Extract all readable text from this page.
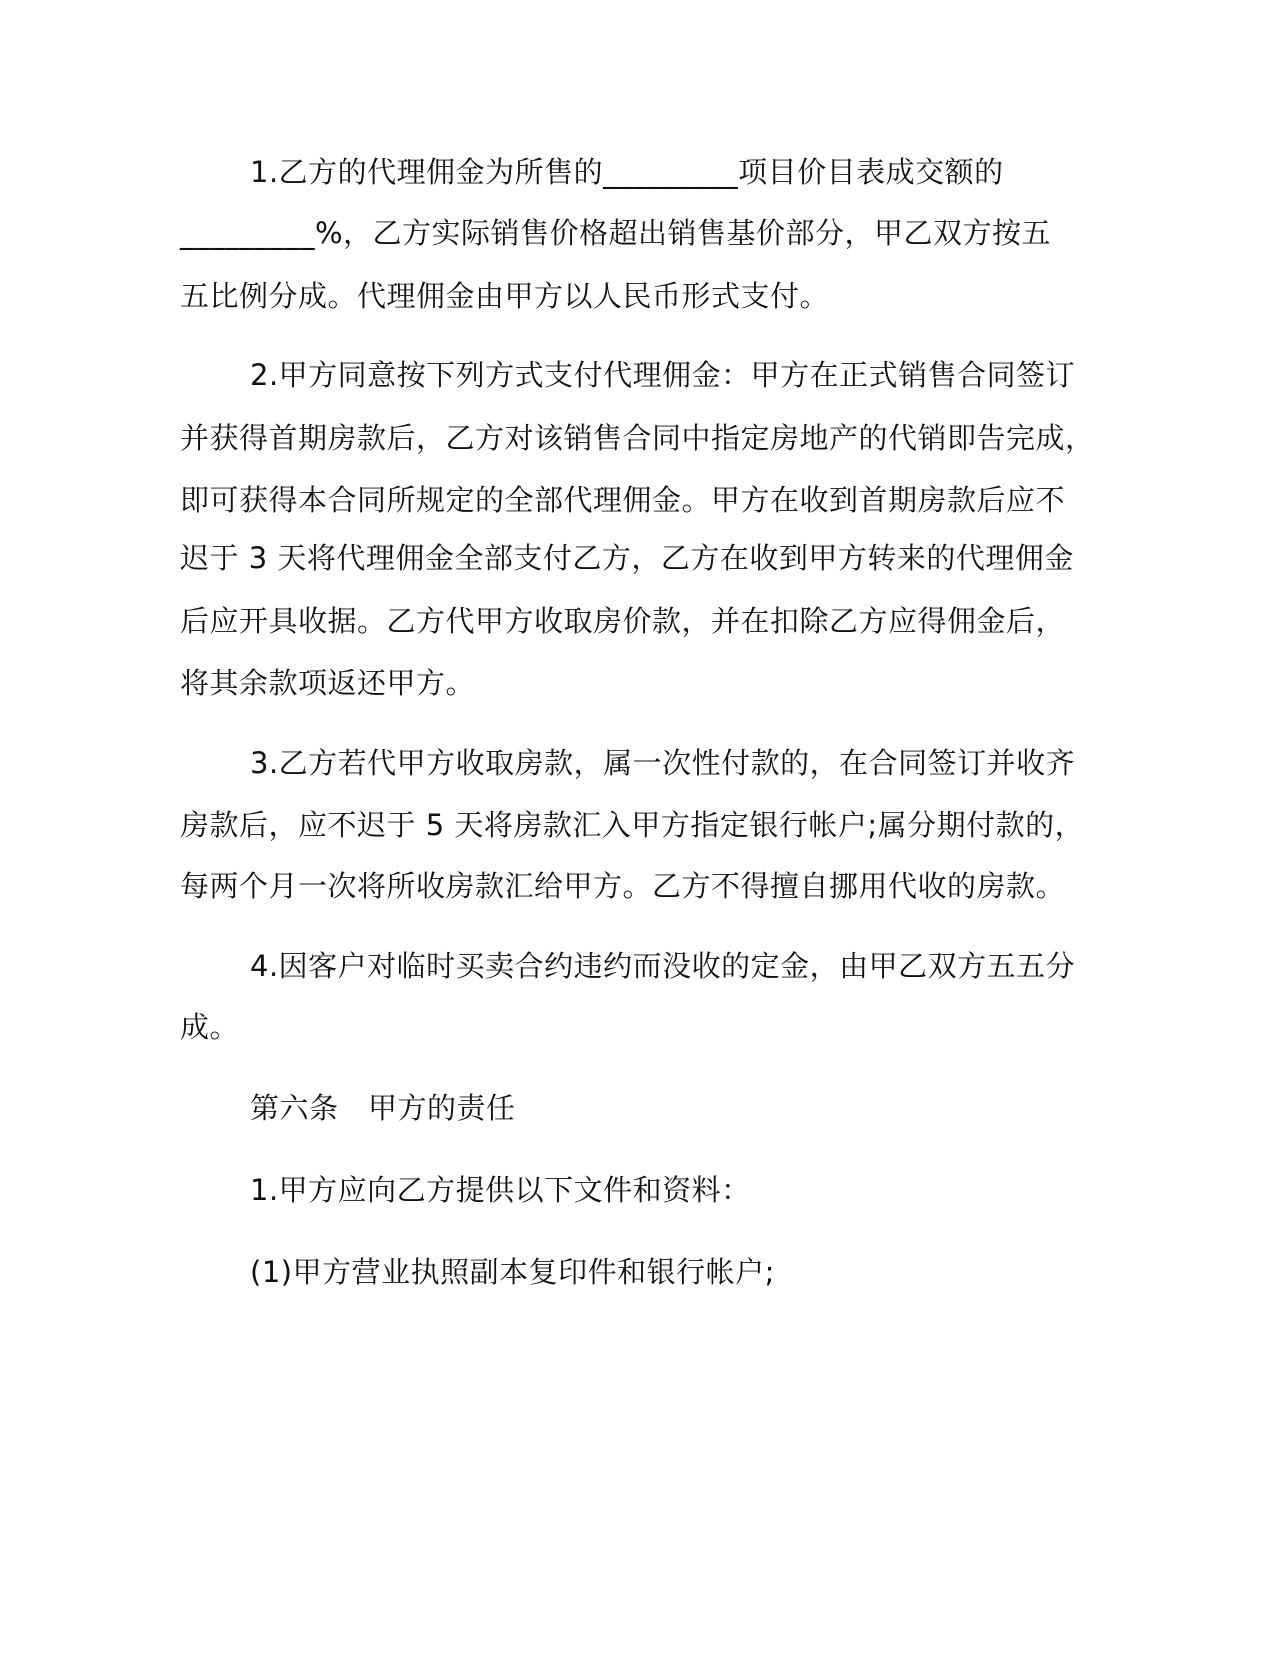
1.乙方的代理佣金为所售的_________项目价目表成交额的
_________%，乙方实际销售价格超出销售基价部分，甲乙双方按五
五比例分成。代理佣金由甲方以人民币形式支付。
2.甲方同意按下列方式支付代理佣金：甲方在正式销售合同签订
并获得首期房款后，乙方对该销售合同中指定房地产的代销即告完成，
即可获得本合同所规定的全部代理佣金。甲方在收到首期房款后应不
迟于 3 天将代理佣金全部支付乙方，乙方在收到甲方转来的代理佣金
后应开具收据。乙方代甲方收取房价款，并在扣除乙方应得佣金后，
将其余款项返还甲方。
3.乙方若代甲方收取房款，属一次性付款的，在合同签订并收齐
房款后，应不迟于 5 天将房款汇入甲方指定银行帐户;属分期付款的，
每两个月一次将所收房款汇给甲方。乙方不得擅自挪用代收的房款。
4.因客户对临时买卖合约违约而没收的定金，由甲乙双方五五分
成。
第六条　甲方的责任
1.甲方应向乙方提供以下文件和资料：
(1)甲方营业执照副本复印件和银行帐户;
